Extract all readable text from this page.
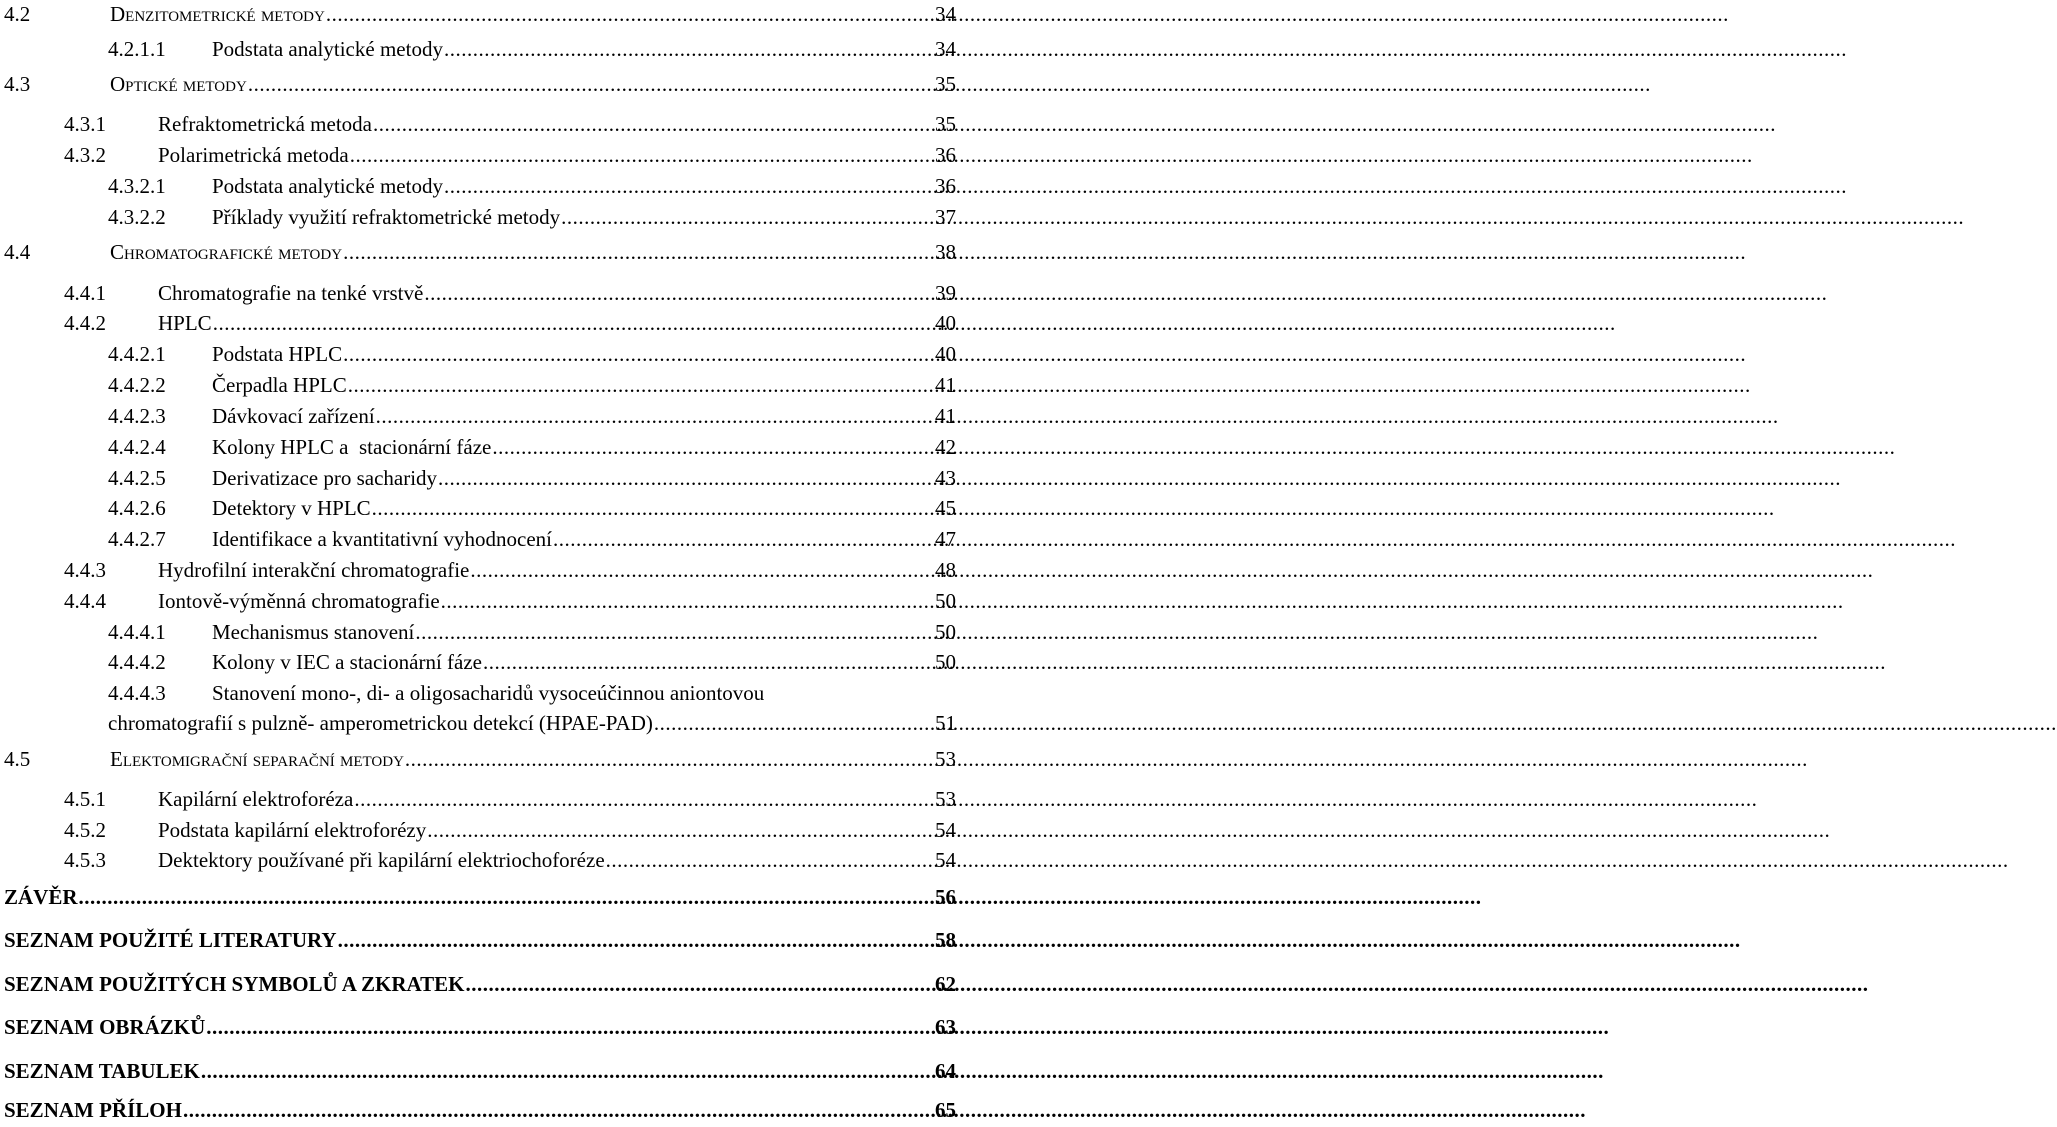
4.2	Denzitometrické metody .....	34
4.2.1.1	Podstata analytické metody .....	34
4.3	Optické metody .....	35
4.3.1	Refraktometrická metoda .....	35
4.3.2	Polarimetrická metoda .....	36
4.3.2.1	Podstata analytické metody .....	36
4.3.2.2	Příklady využití refraktometrické metody .....	37
4.4	Chromatografické metody .....	38
4.4.1	Chromatografie na tenké vrstvě .....	39
4.4.2	HPLC .....	40
4.4.2.1	Podstata HPLC .....	40
4.4.2.2	Čerpadla HPLC .....	41
4.4.2.3	Dávkovací zařízení .....	41
4.4.2.4	Kolony HPLC a  stacionární fáze .....	42
4.4.2.5	Derivatizace pro sacharidy .....	43
4.4.2.6	Detektory v HPLC .....	45
4.4.2.7	Identifikace a kvantitativní vyhodnocení .....	47
4.4.3	Hydrofilní interakční chromatografie .....	48
4.4.4	Iontově-výměnná chromatografie .....	50
4.4.4.1	Mechanismus stanovení .....	50
4.4.4.2	Kolony v IEC a stacionární fáze .....	50
4.4.4.3 Stanovení mono-, di- a oligosacharidů vysoceúčinnou aniontovou
chromatografií s pulzně- amperometrickou detekcí (HPAE-PAD) .....	51
4.5	Elektomigrační separační metody .....	53
4.5.1	Kapilární elektroforéza .....	53
4.5.2	Podstata kapilární elektroforézy .....	54
4.5.3	Dektektory používané při kapilární elektriochoforéze .....	54
ZÁVĚR .....	56
SEZNAM POUŽITÉ LITERATURY .....	58
SEZNAM POUŽITÝCH SYMBOLŮ A ZKRATEK .....	62
SEZNAM OBRÁZKŮ .....	63
SEZNAM TABULEK .....	64
SEZNAM PŘÍLOH .....	65
